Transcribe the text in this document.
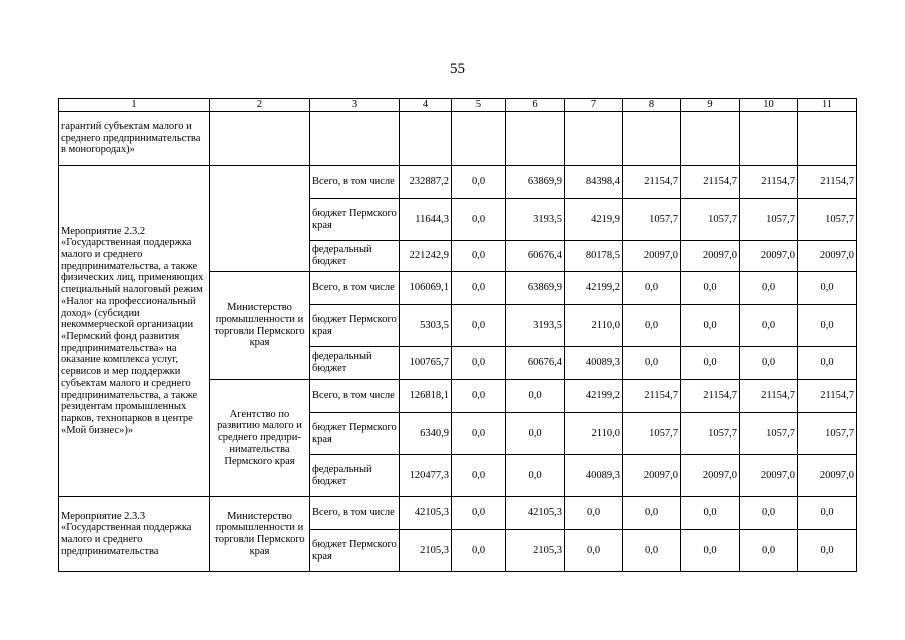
55
1	2	3	4	5	6	7	8	9	10	11
гарантий субъектам малого и среднего предпринимательства в моногородах)»										
Мероприятие 2.3.2 «Государственная поддержка малого и среднего предпринимательства, а также физических лиц, применяющих специальный налоговый режим «Налог на профессиональный доход» (субсидии некоммерческой организации «Пермский фонд развития предпринимательства» на оказание комплекса услуг, сервисов и мер поддержки субъектам малого и среднего предпринимательства, а также резидентам промышленных парков, технопарков в центре «Мой бизнес»)»		Всего, в том числе	232887,2	0,0	63869,9	84398,4	21154,7	21154,7	21154,7	21154,7
		бюджет Пермского края	11644,3	0,0	3193,5	4219,9	1057,7	1057,7	1057,7	1057,7
		федеральный бюджет	221242,9	0,0	60676,4	80178,5	20097,0	20097,0	20097,0	20097,0
	Министерство промышленности и торговли Пермского края	Всего, в том числе	106069,1	0,0	63869,9	42199,2	0,0	0,0	0,0	0,0
		бюджет Пермского края	5303,5	0,0	3193,5	2110,0	0,0	0,0	0,0	0,0
		федеральный бюджет	100765,7	0,0	60676,4	40089,3	0,0	0,0	0,0	0,0
	Агентство по развитию малого и среднего предпри- нимательства Пермского края	Всего, в том числе	126818,1	0,0	0,0	42199,2	21154,7	21154,7	21154,7	21154,7
		бюджет Пермского края	6340,9	0,0	0,0	2110,0	1057,7	1057,7	1057,7	1057,7
		федеральный бюджет	120477,3	0,0	0,0	40089,3	20097,0	20097,0	20097,0	20097,0
Мероприятие 2.3.3 «Государственная поддержка малого и среднего предпринимательства	Министерство промышленности и торговли Пермского края	Всего, в том числе	42105,3	0,0	42105,3	0,0	0,0	0,0	0,0	0,0
		бюджет Пермского края	2105,3	0,0	2105,3	0,0	0,0	0,0	0,0	0,0
